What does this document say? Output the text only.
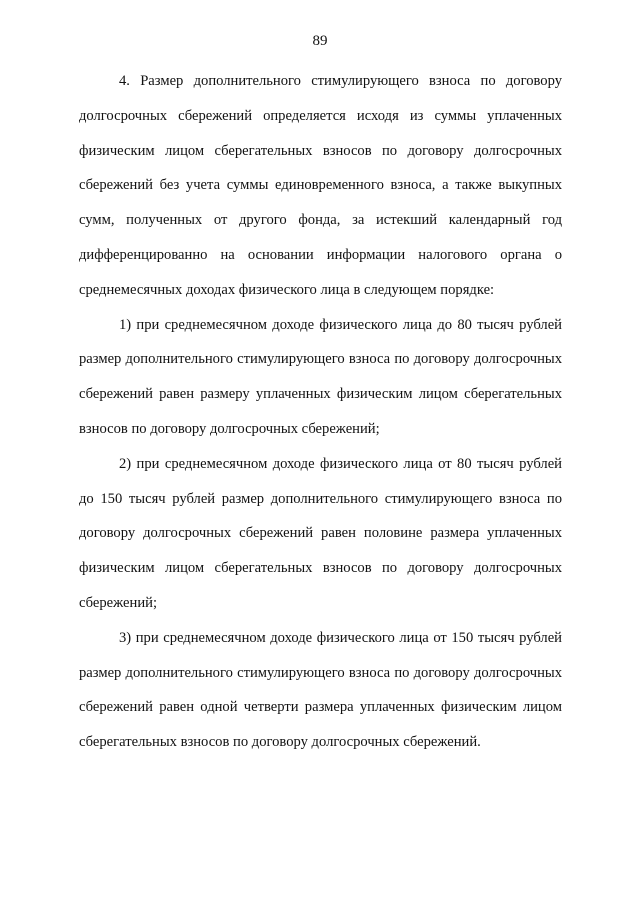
89

4. Размер дополнительного стимулирующего взноса по договору долгосрочных сбережений определяется исходя из суммы уплаченных физическим лицом сберегательных взносов по договору долгосрочных сбережений без учета суммы единовременного взноса, а также выкупных сумм, полученных от другого фонда, за истекший календарный год дифференцированно на основании информации налогового органа о среднемесячных доходах физического лица в следующем порядке:

1) при среднемесячном доходе физического лица до 80 тысяч рублей размер дополнительного стимулирующего взноса по договору долгосрочных сбережений равен размеру уплаченных физическим лицом сберегательных взносов по договору долгосрочных сбережений;

2) при среднемесячном доходе физического лица от 80 тысяч рублей до 150 тысяч рублей размер дополнительного стимулирующего взноса по договору долгосрочных сбережений равен половине размера уплаченных физическим лицом сберегательных взносов по договору долгосрочных сбережений;

3) при среднемесячном доходе физического лица от 150 тысяч рублей размер дополнительного стимулирующего взноса по договору долгосрочных сбережений равен одной четверти размера уплаченных физическим лицом сберегательных взносов по договору долгосрочных сбережений.
